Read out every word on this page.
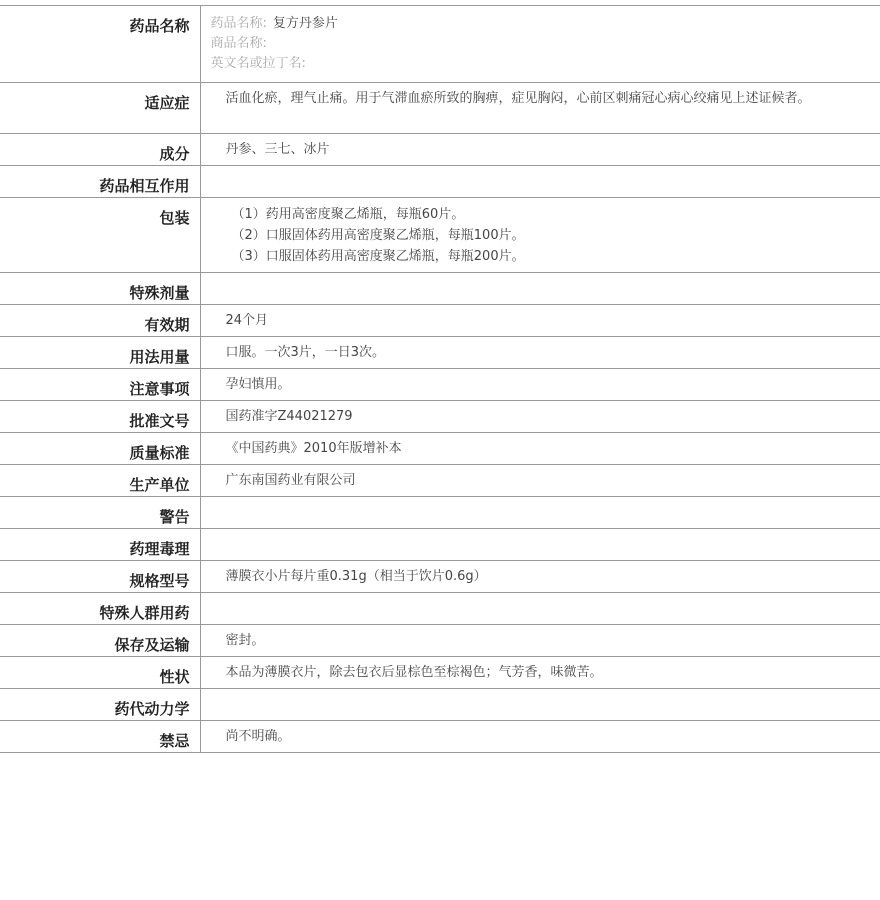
药品名称	药品名称: 复方丹参片
商品名称:
英文名或拉丁名:

适应症	活血化瘀，理气止痛。用于气滞血瘀所致的胸痹，症见胸闷，心前区刺痛冠心病心绞痛见上述证候者。
成分	丹参、三七、冰片
药品相互作用	
包装	（1）药用高密度聚乙烯瓶，每瓶60片。
（2）口服固体药用高密度聚乙烯瓶，每瓶100片。
（3）口服固体药用高密度聚乙烯瓶，每瓶200片。

特殊剂量	
有效期	24个月
用法用量	口服。一次3片，一日3次。
注意事项	孕妇慎用。
批准文号	国药准字Z44021279
质量标准	《中国药典》2010年版增补本
生产单位	广东南国药业有限公司
警告	
药理毒理	
规格型号	薄膜衣小片每片重0.31g（相当于饮片0.6g）
特殊人群用药	
保存及运输	密封。
性状	本品为薄膜衣片，除去包衣后显棕色至棕褐色；气芳香，味微苦。
药代动力学	
禁忌	尚不明确。
